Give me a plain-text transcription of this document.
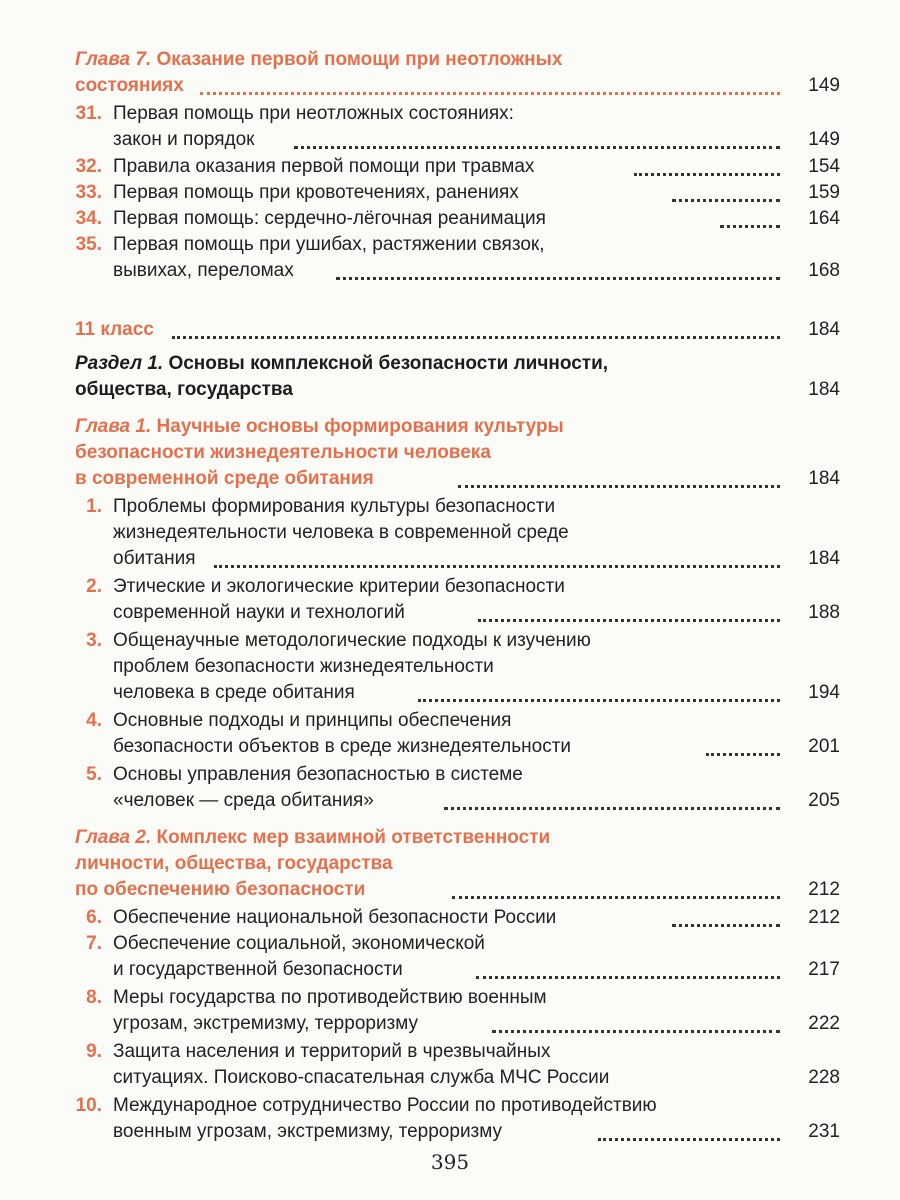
Глава 7. Оказание первой помощи при неотложных
состояниях	149
31. Первая помощь при неотложных состояниях:
закон и порядок	149
32. Правила оказания первой помощи при травмах	154
33. Первая помощь при кровотечениях, ранениях	159
34. Первая помощь: сердечно-лёгочная реанимация	164
35. Первая помощь при ушибах, растяжении связок,
вывихах, переломах	168
11 класс	184
Раздел 1. Основы комплексной безопасности личности,
общества, государства	184
Глава 1. Научные основы формирования культуры
безопасности жизнедеятельности человека
в современной среде обитания	184
1. Проблемы формирования культуры безопасности
жизнедеятельности человека в современной среде
обитания	184
2. Этические и экологические критерии безопасности
современной науки и технологий	188
3. Общенаучные методологические подходы к изучению
проблем безопасности жизнедеятельности
человека в среде обитания	194
4. Основные подходы и принципы обеспечения
безопасности объектов в среде жизнедеятельности	201
5. Основы управления безопасностью в системе
«человек — среда обитания»	205
Глава 2. Комплекс мер взаимной ответственности
личности, общества, государства
по обеспечению безопасности	212
6. Обеспечение национальной безопасности России	212
7. Обеспечение социальной, экономической
и государственной безопасности	217
8. Меры государства по противодействию военным
угрозам, экстремизму, терроризму	222
9. Защита населения и территорий в чрезвычайных
ситуациях. Поисково-спасательная служба МЧС России	228
10. Международное сотрудничество России по противодействию
военным угрозам, экстремизму, терроризму	231
395
